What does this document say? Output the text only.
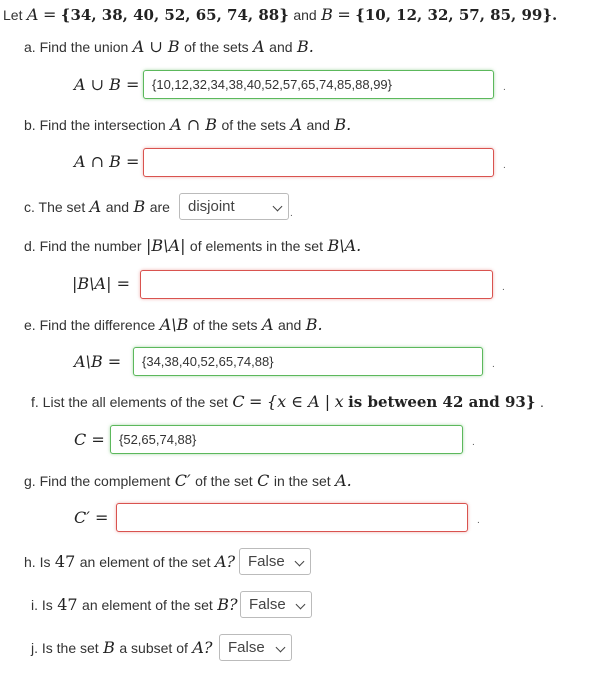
Let A = {34, 38, 40, 52, 65, 74, 88} and B = {10, 12, 32, 57, 85, 99}.
a. Find the union A ∪ B of the sets A and B.
A ∪ B = {10,12,32,34,38,40,52,57,65,74,85,88,99}	.
b. Find the intersection A ∩ B of the sets A and B.
A ∩ B =	.
c. The set A and B are	disjoint	.
d. Find the number |B\A| of elements in the set B\A.
|B\A| =	.
e. Find the difference A\B of the sets A and B.
A\B =	{34,38,40,52,65,74,88}	.
f. List the all elements of the set C = {x ∈ A | x is between 42 and 93} .
C =	{52,65,74,88}	.
g. Find the complement C′ of the set C in the set A.
C′ =	.
h. Is 47 an element of the set A? False
i. Is 47 an element of the set B? False
j. Is the set B a subset of A?	False
